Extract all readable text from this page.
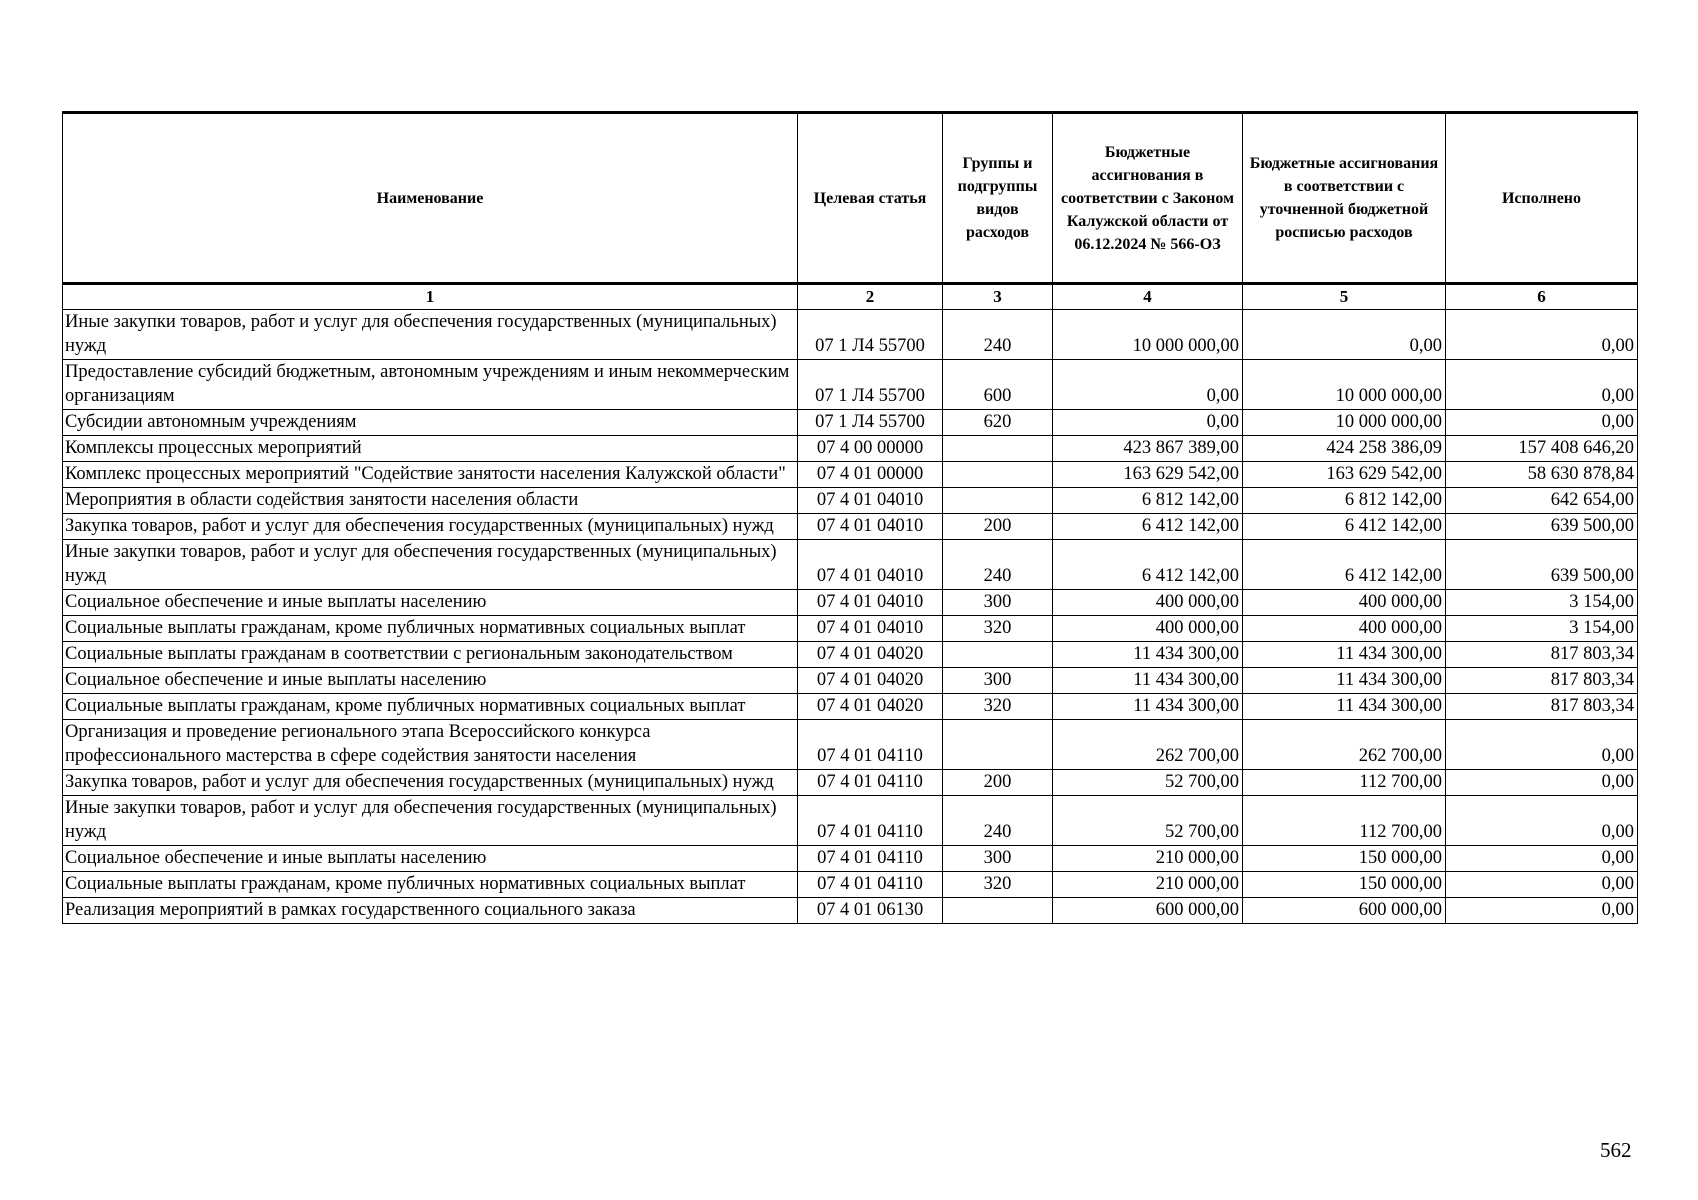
Наименование	Целевая статья	Группы и подгруппы видов расходов	Бюджетные ассигнования в соответствии с Законом Калужской области от 06.12.2024 № 566-ОЗ	Бюджетные ассигнования в соответствии с уточненной бюджетной росписью расходов	Исполнено
1	2	3	4	5	6
Иные закупки товаров, работ и услуг для обеспечения государственных (муниципальных) нужд	07 1 Л4 55700	240	10 000 000,00	0,00	0,00
Предоставление субсидий бюджетным, автономным учреждениям и иным некоммерческим организациям	07 1 Л4 55700	600	0,00	10 000 000,00	0,00
Субсидии автономным учреждениям	07 1 Л4 55700	620	0,00	10 000 000,00	0,00
Комплексы процессных мероприятий	07 4 00 00000		423 867 389,00	424 258 386,09	157 408 646,20
Комплекс процессных мероприятий "Содействие занятости населения Калужской области"	07 4 01 00000		163 629 542,00	163 629 542,00	58 630 878,84
Мероприятия в области содействия занятости населения области	07 4 01 04010		6 812 142,00	6 812 142,00	642 654,00
Закупка товаров, работ и услуг для обеспечения государственных (муниципальных) нужд	07 4 01 04010	200	6 412 142,00	6 412 142,00	639 500,00
Иные закупки товаров, работ и услуг для обеспечения государственных (муниципальных) нужд	07 4 01 04010	240	6 412 142,00	6 412 142,00	639 500,00
Социальное обеспечение и иные выплаты населению	07 4 01 04010	300	400 000,00	400 000,00	3 154,00
Социальные выплаты гражданам, кроме публичных нормативных социальных выплат	07 4 01 04010	320	400 000,00	400 000,00	3 154,00
Социальные выплаты гражданам в соответствии с региональным законодательством	07 4 01 04020		11 434 300,00	11 434 300,00	817 803,34
Социальное обеспечение и иные выплаты населению	07 4 01 04020	300	11 434 300,00	11 434 300,00	817 803,34
Социальные выплаты гражданам, кроме публичных нормативных социальных выплат	07 4 01 04020	320	11 434 300,00	11 434 300,00	817 803,34
Организация и проведение регионального этапа Всероссийского конкурса профессионального мастерства в сфере содействия занятости населения	07 4 01 04110		262 700,00	262 700,00	0,00
Закупка товаров, работ и услуг для обеспечения государственных (муниципальных) нужд	07 4 01 04110	200	52 700,00	112 700,00	0,00
Иные закупки товаров, работ и услуг для обеспечения государственных (муниципальных) нужд	07 4 01 04110	240	52 700,00	112 700,00	0,00
Социальное обеспечение и иные выплаты населению	07 4 01 04110	300	210 000,00	150 000,00	0,00
Социальные выплаты гражданам, кроме публичных нормативных социальных выплат	07 4 01 04110	320	210 000,00	150 000,00	0,00
Реализация мероприятий в рамках государственного социального заказа	07 4 01 06130		600 000,00	600 000,00	0,00
562
